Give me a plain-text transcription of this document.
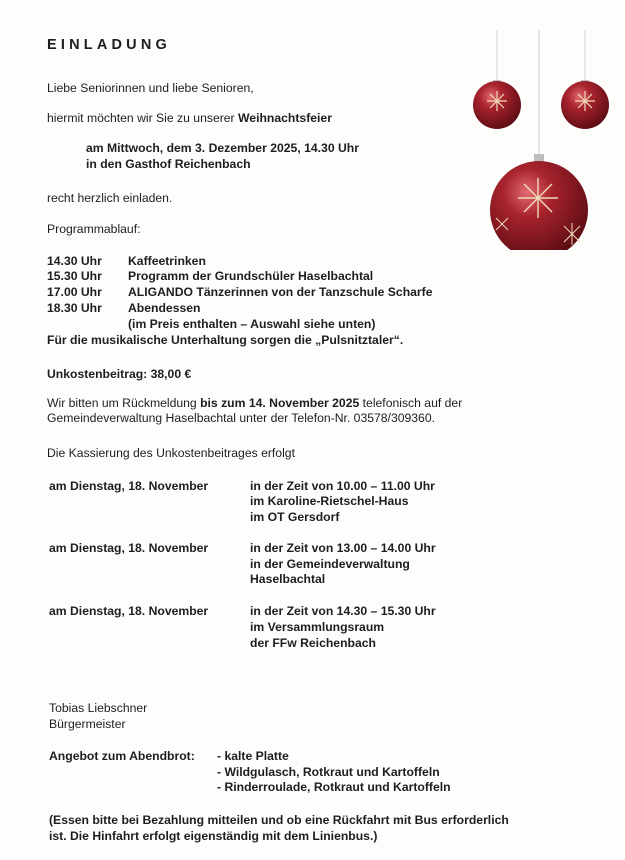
EINLADUNG
Liebe Seniorinnen und liebe Senioren,
hiermit möchten wir Sie zu unserer Weihnachtsfeier
am Mittwoch, dem 3. Dezember 2025, 14.30 Uhr
in den Gasthof Reichenbach
recht herzlich einladen.
Programmablauf:
14.30 Uhr Kaffeetrinken
15.30 Uhr Programm der Grundschüler Haselbachtal
17.00 Uhr ALIGANDO Tänzerinnen von der Tanzschule Scharfe
18.30 Uhr Abendessen
(im Preis enthalten – Auswahl siehe unten)
Für die musikalische Unterhaltung sorgen die „Pulsnitztaler“.
Unkostenbeitrag: 38,00 €
Wir bitten um Rückmeldung bis zum 14. November 2025 telefonisch auf der
Gemeindeverwaltung Haselbachtal unter der Telefon-Nr. 03578/309360.
Die Kassierung des Unkostenbeitrages erfolgt
am Dienstag, 18. November	in der Zeit von 10.00 – 11.00 Uhr
im Karoline-Rietschel-Haus
im OT Gersdorf
am Dienstag, 18. November	in der Zeit von 13.00 – 14.00 Uhr
in der Gemeindeverwaltung
Haselbachtal
am Dienstag, 18. November	in der Zeit von 14.30 – 15.30 Uhr
im Versammlungsraum
der FFw Reichenbach
Tobias Liebschner
Bürgermeister
Angebot zum Abendbrot: - kalte Platte
- Wildgulasch, Rotkraut und Kartoffeln
- Rinderroulade, Rotkraut und Kartoffeln
(Essen bitte bei Bezahlung mitteilen und ob eine Rückfahrt mit Bus erforderlich
ist. Die Hinfahrt erfolgt eigenständig mit dem Linienbus.)
